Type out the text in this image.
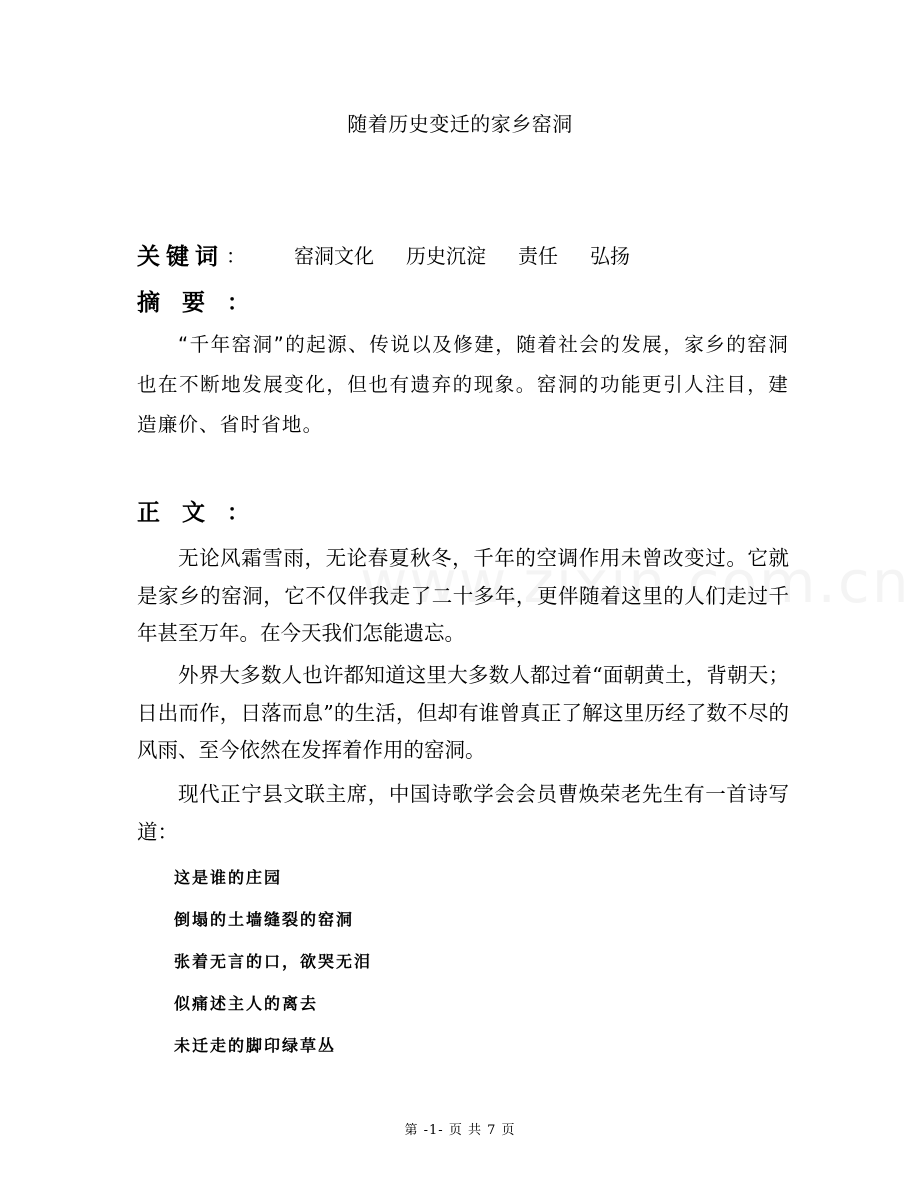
随着历史变迁的家乡窑洞
关键词 ： 窑洞文化 历史沉淀 责任 弘扬
摘要：

“千年窑洞”的起源、传说以及修建，随着社会的发展，家乡的窑洞也在不断地发展变化，但也有遗弃的现象。窑洞的功能更引人注目，建造廉价、省时省地。

正文：

无论风霜雪雨，无论春夏秋冬，千年的空调作用未曾改变过。它就是家乡的窑洞，它不仅伴我走了二十多年，更伴随着这里的人们走过千年甚至万年。在今天我们怎能遗忘。

外界大多数人也许都知道这里大多数人都过着“面朝黄土，背朝天；日出而作，日落而息”的生活，但却有谁曾真正了解这里历经了数不尽的风雨、至今依然在发挥着作用的窑洞。

现代正宁县文联主席，中国诗歌学会会员曹焕荣老先生有一首诗写道：

这是谁的庄园
倒塌的土墙缝裂的窑洞
张着无言的口，欲哭无泪
似痛述主人的离去
未迁走的脚印绿草丛
第 -1- 页 共 7 页
